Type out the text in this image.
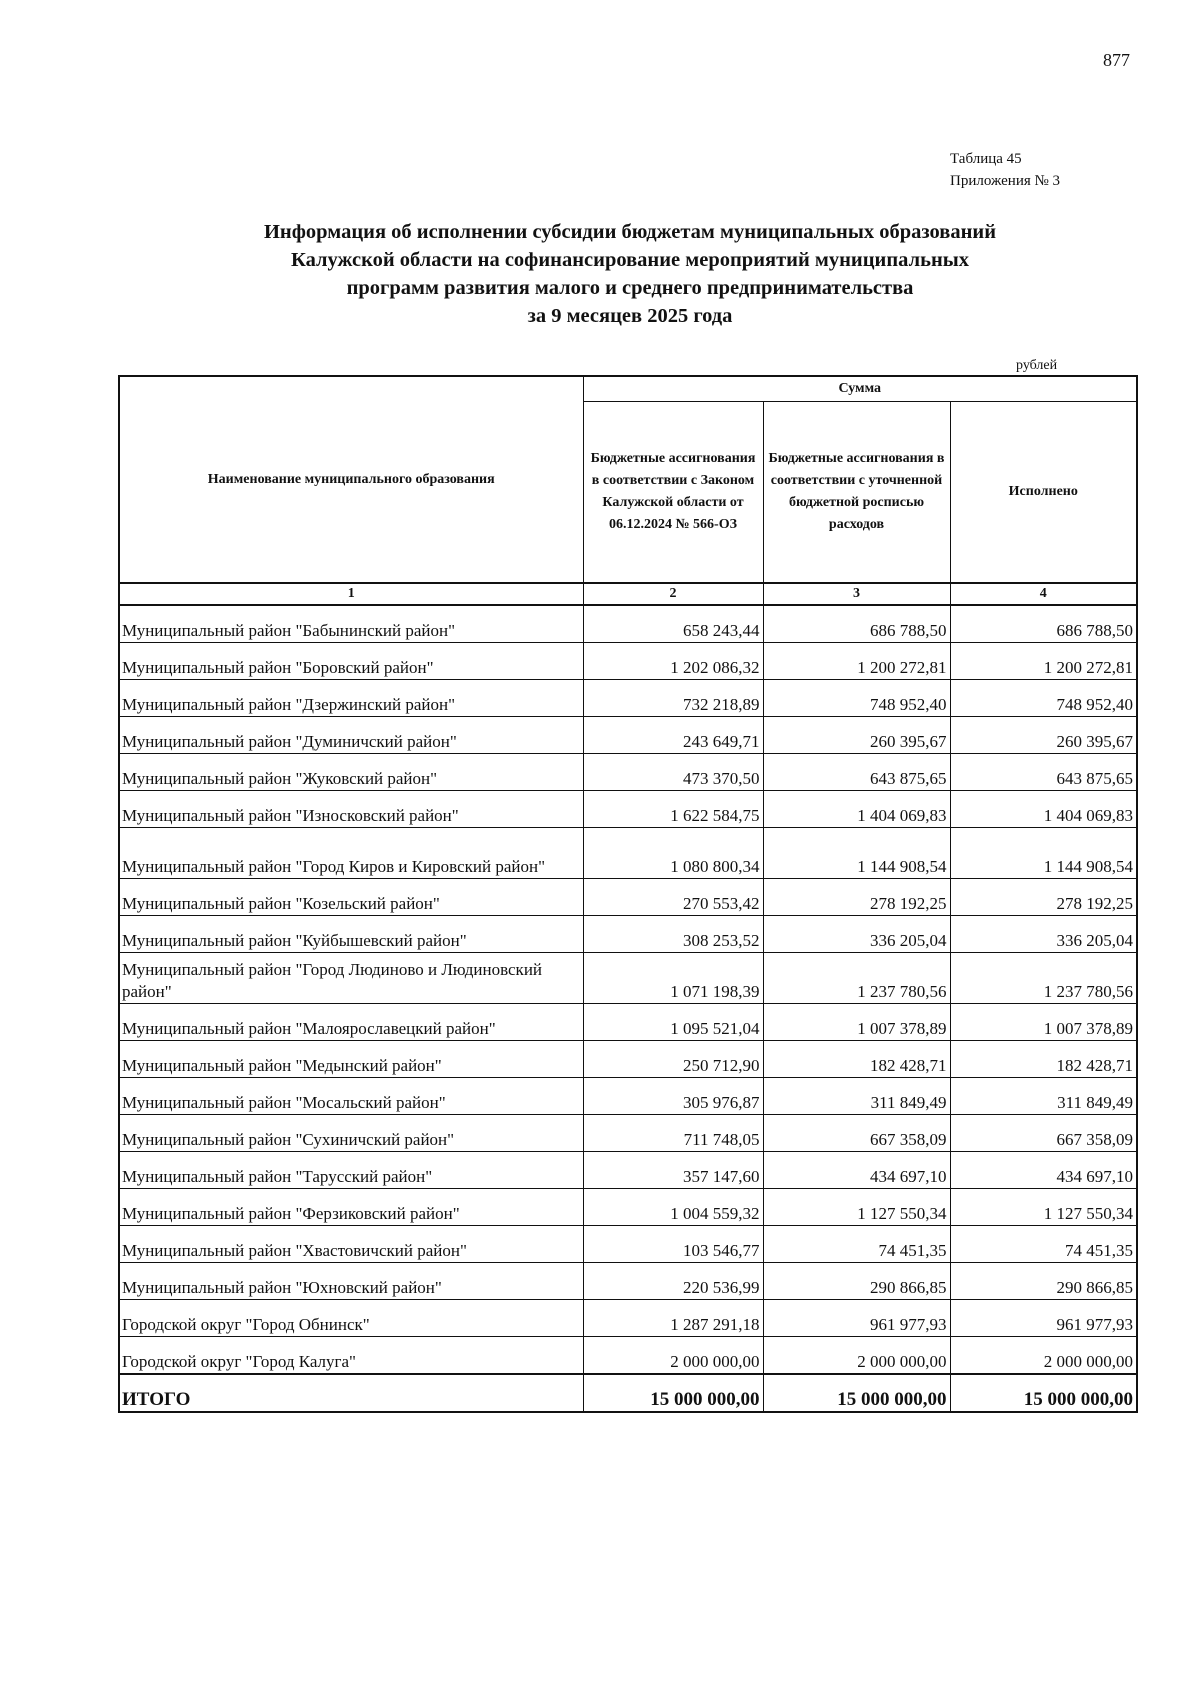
877
Таблица 45
Приложения № 3
Информация об исполнении субсидии бюджетам муниципальных образований
Калужской области на софинансирование мероприятий муниципальных
программ развития малого и среднего предпринимательства
за 9 месяцев 2025 года
рублей
Наименование муниципального образования	Сумма		
	Бюджетные ассигнования в соответствии с Законом Калужской области от 06.12.2024 № 566-ОЗ	Бюджетные ассигнования в соответствии с уточненной бюджетной росписью расходов	Исполнено
1	2	3	4
Муниципальный район "Бабынинский район"	658 243,44	686 788,50	686 788,50
Муниципальный район "Боровский район"	1 202 086,32	1 200 272,81	1 200 272,81
Муниципальный район "Дзержинский район"	732 218,89	748 952,40	748 952,40
Муниципальный район "Думиничский район"	243 649,71	260 395,67	260 395,67
Муниципальный район "Жуковский район"	473 370,50	643 875,65	643 875,65
Муниципальный район "Износковский район"	1 622 584,75	1 404 069,83	1 404 069,83
Муниципальный район "Город Киров и Кировский район"	1 080 800,34	1 144 908,54	1 144 908,54
Муниципальный район "Козельский район"	270 553,42	278 192,25	278 192,25
Муниципальный район "Куйбышевский район"	308 253,52	336 205,04	336 205,04
Муниципальный район "Город Людиново и Людиновский район"	1 071 198,39	1 237 780,56	1 237 780,56
Муниципальный район "Малоярославецкий район"	1 095 521,04	1 007 378,89	1 007 378,89
Муниципальный район "Медынский район"	250 712,90	182 428,71	182 428,71
Муниципальный район "Мосальский район"	305 976,87	311 849,49	311 849,49
Муниципальный район "Сухиничский район"	711 748,05	667 358,09	667 358,09
Муниципальный район "Тарусский район"	357 147,60	434 697,10	434 697,10
Муниципальный район "Ферзиковский район"	1 004 559,32	1 127 550,34	1 127 550,34
Муниципальный район "Хвастовичский район"	103 546,77	74 451,35	74 451,35
Муниципальный район "Юхновский район"	220 536,99	290 866,85	290 866,85
Городской округ "Город Обнинск"	1 287 291,18	961 977,93	961 977,93
Городской округ "Город Калуга"	2 000 000,00	2 000 000,00	2 000 000,00
ИТОГО	15 000 000,00	15 000 000,00	15 000 000,00
